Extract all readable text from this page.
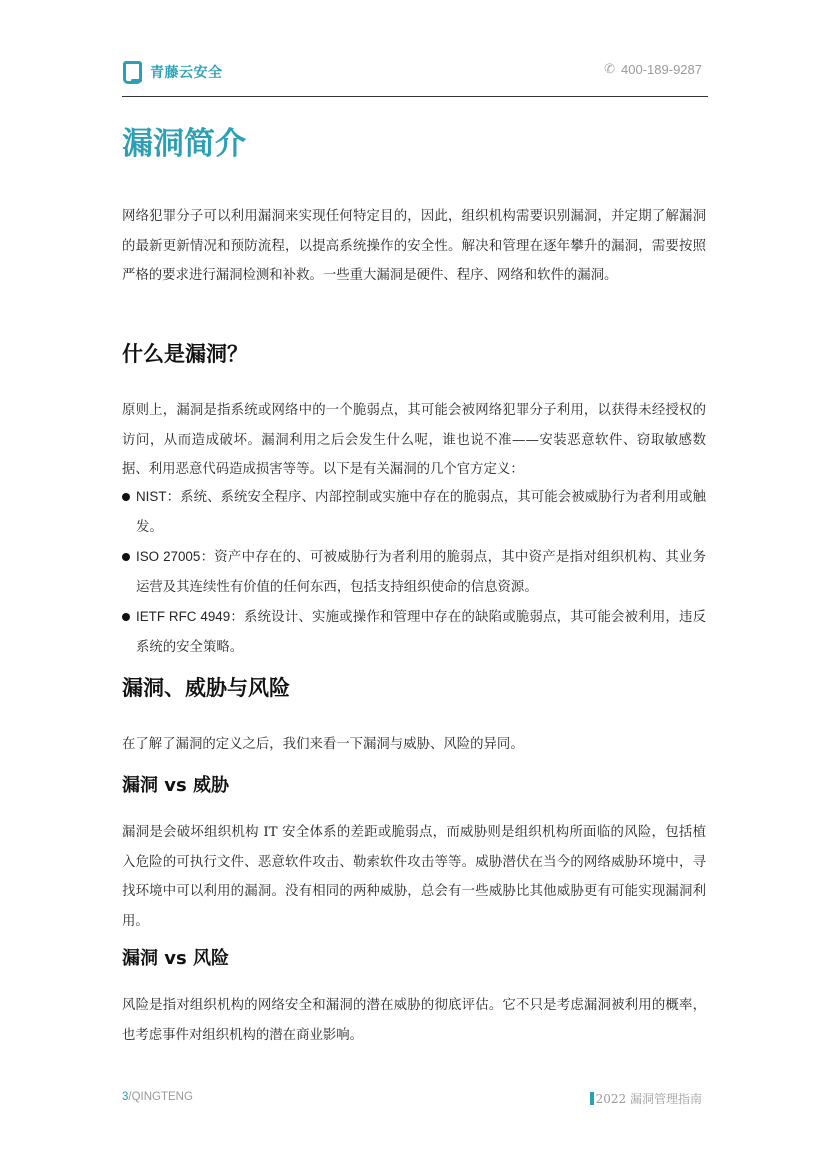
青藤云安全	✆ 400-189-9287
漏洞简介

网络犯罪分子可以利用漏洞来实现任何特定目的，因此，组织机构需要识别漏洞，并定期了解漏洞的最新更新情况和预防流程，以提高系统操作的安全性。解决和管理在逐年攀升的漏洞，需要按照严格的要求进行漏洞检测和补救。一些重大漏洞是硬件、程序、网络和软件的漏洞。

什么是漏洞？

原则上，漏洞是指系统或网络中的一个脆弱点，其可能会被网络犯罪分子利用，以获得未经授权的访问，从而造成破坏。漏洞利用之后会发生什么呢，谁也说不准——安装恶意软件、窃取敏感数据、利用恶意代码造成损害等等。以下是有关漏洞的几个官方定义：

NIST：系统、系统安全程序、内部控制或实施中存在的脆弱点，其可能会被威胁行为者利用或触发。
ISO 27005：资产中存在的、可被威胁行为者利用的脆弱点，其中资产是指对组织机构、其业务运营及其连续性有价值的任何东西，包括支持组织使命的信息资源。
IETF RFC 4949：系统设计、实施或操作和管理中存在的缺陷或脆弱点，其可能会被利用，违反系统的安全策略。
漏洞、威胁与风险

在了解了漏洞的定义之后，我们来看一下漏洞与威胁、风险的异同。

漏洞 vs 威胁

漏洞是会破坏组织机构 IT 安全体系的差距或脆弱点，而威胁则是组织机构所面临的风险，包括植入危险的可执行文件、恶意软件攻击、勒索软件攻击等等。威胁潜伏在当今的网络威胁环境中，寻找环境中可以利用的漏洞。没有相同的两种威胁，总会有一些威胁比其他威胁更有可能实现漏洞利用。

漏洞 vs 风险

风险是指对组织机构的网络安全和漏洞的潜在威胁的彻底评估。它不只是考虑漏洞被利用的概率，也考虑事件对组织机构的潜在商业影响。

3/QINGTENG	2022 漏洞管理指南
